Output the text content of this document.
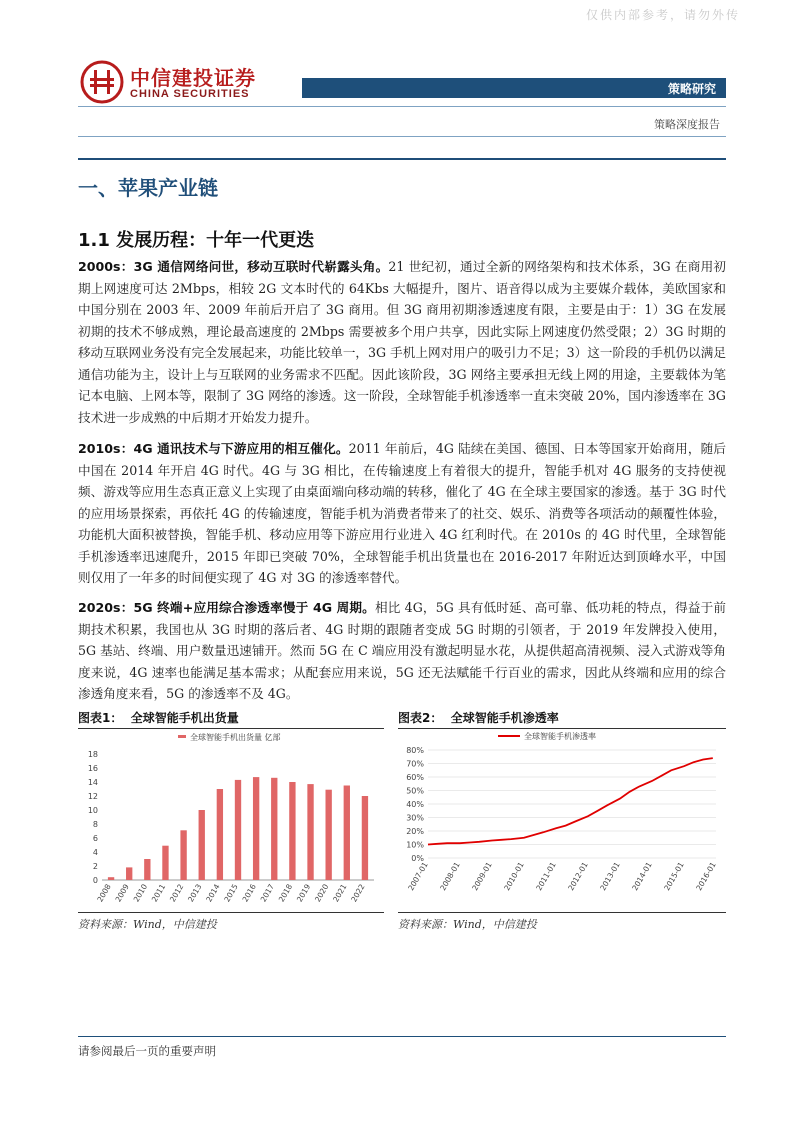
仅供内部参考，请勿外传
中信建投证券
CHINA SECURITIES	策略研究
策略深度报告
一、苹果产业链
1.1 发展历程：十年一代更迭
2000s：3G 通信网络问世，移动互联时代崭露头角。21 世纪初，通过全新的网络架构和技术体系，3G 在商用初期上网速度可达 2Mbps，相较 2G 文本时代的 64Kbs 大幅提升，图片、语音得以成为主要媒介载体，美欧国家和中国分别在 2003 年、2009 年前后开启了 3G 商用。但 3G 商用初期渗透速度有限，主要是由于：1）3G 在发展初期的技术不够成熟，理论最高速度的 2Mbps 需要被多个用户共享，因此实际上网速度仍然受限；2）3G 时期的移动互联网业务没有完全发展起来，功能比较单一，3G 手机上网对用户的吸引力不足；3）这一阶段的手机仍以满足通信功能为主，设计上与互联网的业务需求不匹配。因此该阶段，3G 网络主要承担无线上网的用途，主要载体为笔记本电脑、上网本等，限制了 3G 网络的渗透。这一阶段，全球智能手机渗透率一直未突破 20%，国内渗透率在 3G 技术进一步成熟的中后期才开始发力提升。
2010s：4G 通讯技术与下游应用的相互催化。2011 年前后，4G 陆续在美国、德国、日本等国家开始商用，随后中国在 2014 年开启 4G 时代。4G 与 3G 相比，在传输速度上有着很大的提升，智能手机对 4G 服务的支持使视频、游戏等应用生态真正意义上实现了由桌面端向移动端的转移，催化了 4G 在全球主要国家的渗透。基于 3G 时代的应用场景探索，再依托 4G 的传输速度，智能手机为消费者带来了的社交、娱乐、消费等各项活动的颠覆性体验，功能机大面积被替换，智能手机、移动应用等下游应用行业进入 4G 红利时代。在 2010s 的 4G 时代里，全球智能手机渗透率迅速爬升，2015 年即已突破 70%，全球智能手机出货量也在 2016-2017 年附近达到顶峰水平，中国则仅用了一年多的时间便实现了 4G 对 3G 的渗透率替代。
2020s：5G 终端+应用综合渗透率慢于 4G 周期。相比 4G，5G 具有低时延、高可靠、低功耗的特点，得益于前期技术积累，我国也从 3G 时期的落后者、4G 时期的跟随者变成 5G 时期的引领者，于 2019 年发牌投入使用，5G 基站、终端、用户数量迅速铺开。然而 5G 在 C 端应用没有激起明显水花，从提供超高清视频、浸入式游戏等角度来说，4G 速率也能满足基本需求；从配套应用来说，5G 还无法赋能千行百业的需求，因此从终端和应用的综合渗透角度来看，5G 的渗透率不及 4G。
图表1： 全球智能手机出货量
全球智能手机出货量 亿部
0
2
4
6
8
10
12
14
16
18
2008 2009 2010 2011 2012 2013 2014 2015 2016 2017 2018 2019 2020 2021 2022
资料来源：Wind，中信建投
图表2： 全球智能手机渗透率
全球智能手机渗透率
0%
10%
20%
30%
40%
50%
60%
70%
80%
2007-01 2008-01 2009-01 2010-01 2011-01 2012-01 2013-01 2014-01 2015-01 2016-01
资料来源：Wind，中信建投
请参阅最后一页的重要声明
